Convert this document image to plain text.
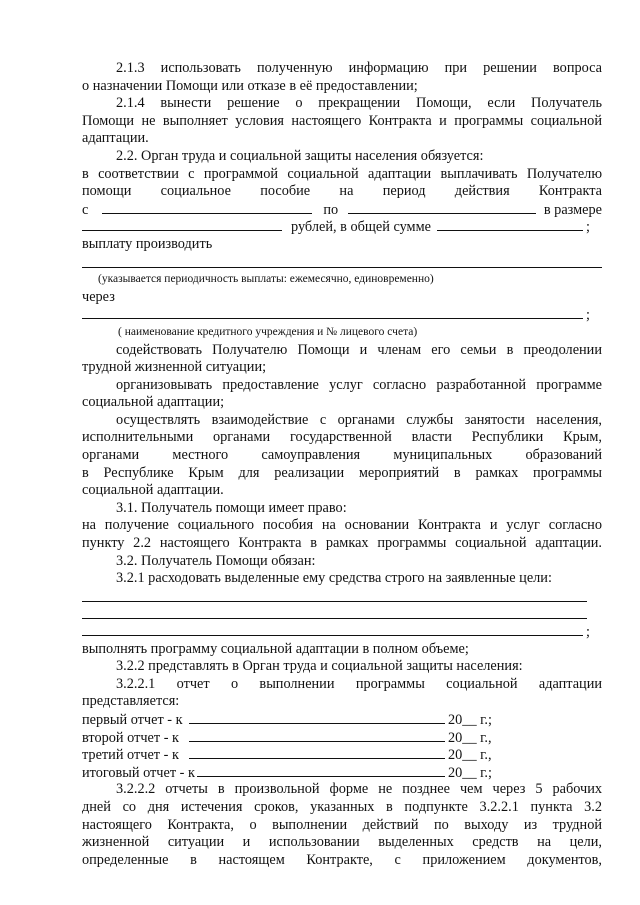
2.1.3 использовать полученную информацию при решении вопроса
о назначении Помощи или отказе в её предоставлении;
2.1.4 вынести решение о прекращении Помощи, если Получатель
Помощи не выполняет условия настоящего Контракта и программы социальной
адаптации.
2.2. Орган труда и социальной защиты населения обязуется:
в соответствии с программой социальной адаптации выплачивать Получателю
помощи социальное пособие на период действия Контракта
с	по	в размере
рублей, в общей сумме	;
выплату производить
(указывается периодичность выплаты: ежемесячно, единовременно)
через
;
( наименование кредитного учреждения и № лицевого счета)
содействовать Получателю Помощи и членам его семьи в преодолении
трудной жизненной ситуации;
организовывать предоставление услуг согласно разработанной программе
социальной адаптации;
осуществлять взаимодействие с органами службы занятости населения,
исполнительными органами государственной власти Республики Крым,
органами местного самоуправления муниципальных образований
в Республике Крым для реализации мероприятий в рамках программы
социальной адаптации.
3.1. Получатель помощи имеет право:
на получение социального пособия на основании Контракта и услуг согласно
пункту 2.2 настоящего Контракта в рамках программы социальной адаптации.
3.2. Получатель Помощи обязан:
3.2.1 расходовать выделенные ему средства строго на заявленные цели:
;
выполнять программу социальной адаптации в полном объеме;
3.2.2 представлять в Орган труда и социальной защиты населения:
3.2.2.1 отчет о выполнении программы социальной адаптации
представляется:
первый отчет - к	20__ г.;
второй отчет - к	20__ г.,
третий отчет - к	20__ г.,
итоговый отчет - к	20__ г.;
3.2.2.2 отчеты в произвольной форме не позднее чем через 5 рабочих
дней со дня истечения сроков, указанных в подпункте 3.2.2.1 пункта 3.2
настоящего Контракта, о выполнении действий по выходу из трудной
жизненной ситуации и использовании выделенных средств на цели,
определенные в настоящем Контракте, с приложением документов,
